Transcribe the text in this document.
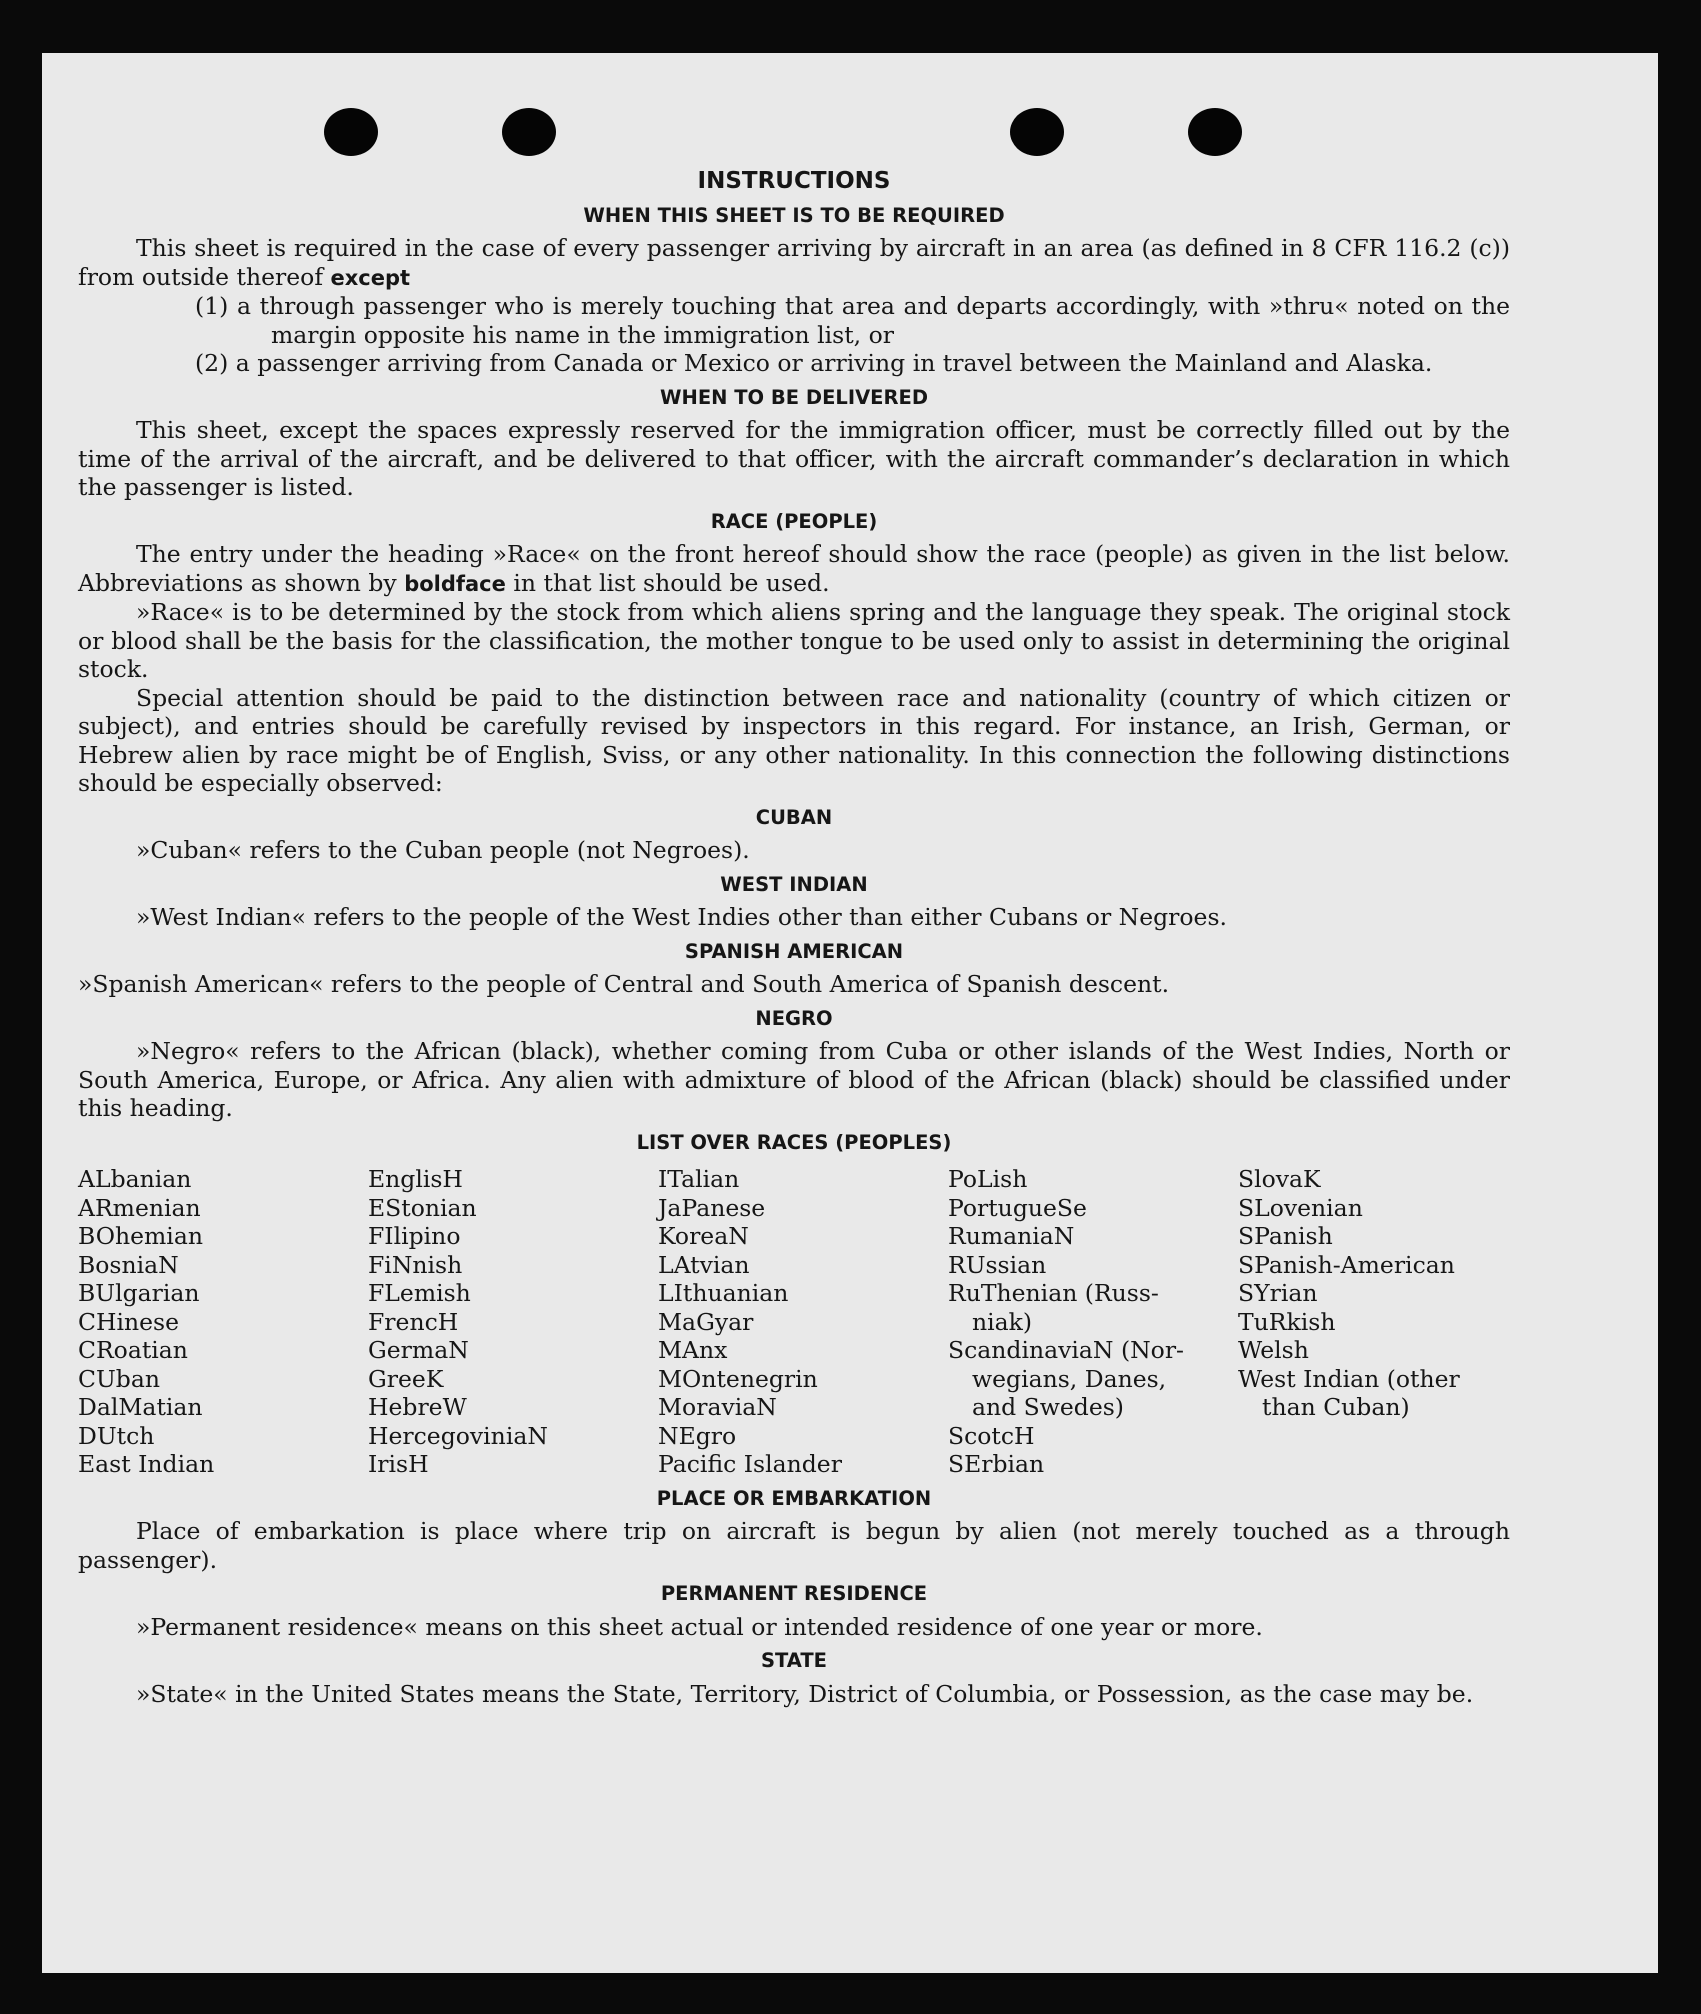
INSTRUCTIONS
WHEN THIS SHEET IS TO BE REQUIRED

This sheet is required in the case of every passenger arriving by aircraft in an area (as defined in 8 CFR 116.2 (c)) from outside thereof except

(1) a through passenger who is merely touching that area and departs accordingly, with »thru« noted on the margin opposite his name in the immigration list, or

(2) a passenger arriving from Canada or Mexico or arriving in travel between the Mainland and Alaska.

WHEN TO BE DELIVERED

This sheet, except the spaces expressly reserved for the immigration officer, must be correctly filled out by the time of the arrival of the aircraft, and be delivered to that officer, with the aircraft commander’s declaration in which the passenger is listed.

RACE (PEOPLE)

The entry under the heading »Race« on the front hereof should show the race (people) as given in the list below. Abbreviations as shown by boldface in that list should be used.

»Race« is to be determined by the stock from which aliens spring and the language they speak. The original stock or blood shall be the basis for the classification, the mother tongue to be used only to assist in determining the original stock.

Special attention should be paid to the distinction between race and nationality (country of which citizen or subject), and entries should be carefully revised by inspectors in this regard. For instance, an Irish, German, or Hebrew alien by race might be of English, Sviss, or any other nationality. In this connection the following distinctions should be especially observed:

CUBAN

»Cuban« refers to the Cuban people (not Negroes).

WEST INDIAN

»West Indian« refers to the people of the West Indies other than either Cubans or Negroes.

SPANISH AMERICAN

»Spanish American« refers to the people of Central and South America of Spanish descent.

NEGRO

»Negro« refers to the African (black), whether coming from Cuba or other islands of the West Indies, North or South America, Europe, or Africa. Any alien with admixture of blood of the African (black) should be classified under this heading.

LIST OVER RACES (PEOPLES)
ALbanian
ARmenian
BOhemian
BosniaN
BUlgarian
CHinese
CRoatian
CUban
DalMatian
DUtch
East Indian
EnglisH
EStonian
FIlipino
FiNnish
FLemish
FrencH
GermaN
GreeK
HebreW
HercegoviniaN
IrisH
ITalian
JaPanese
KoreaN
LAtvian
LIthuanian
MaGyar
MAnx
MOntenegrin
MoraviaN
NEgro
Pacific Islander
PoLish
PortugueSe
RumaniaN
RUssian
RuThenian (Russ-
niak)
ScandinaviaN (Nor-
wegians, Danes,
and Swedes)
ScotcH
SErbian
SlovaK
SLovenian
SPanish
SPanish-American
SYrian
TuRkish
Welsh
West Indian (other
than Cuban)
PLACE OR EMBARKATION

Place of embarkation is place where trip on aircraft is begun by alien (not merely touched as a through passenger).

PERMANENT RESIDENCE

»Permanent residence« means on this sheet actual or intended residence of one year or more.

STATE

»State« in the United States means the State, Territory, District of Columbia, or Possession, as the case may be.
